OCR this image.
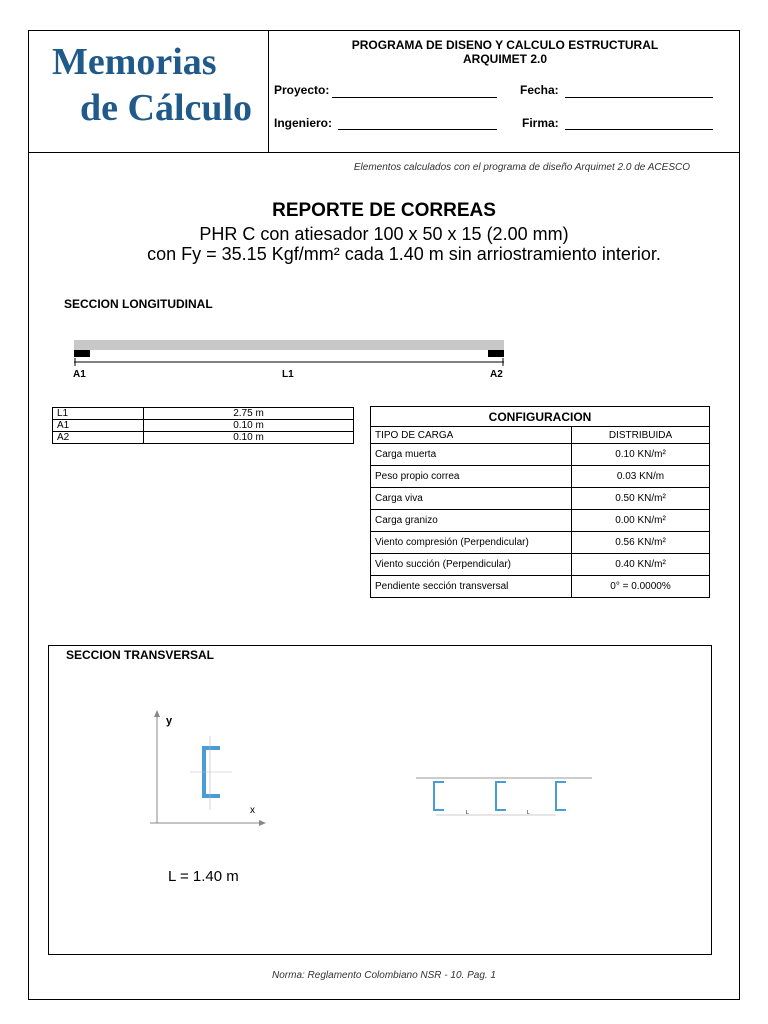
Memorias
de Cálculo
PROGRAMA DE DISENO Y CALCULO ESTRUCTURAL
ARQUIMET 2.0
Proyecto:	Fecha:
Ingeniero:	Firma:
Elementos calculados con el programa de diseño Arquimet 2.0 de ACESCO
REPORTE DE CORREAS
PHR C con atiesador 100 x 50 x 15 (2.00 mm)
con Fy = 35.15 Kgf/mm² cada 1.40 m sin arriostramiento interior.
SECCION LONGITUDINAL
A1	L1	A2
L1	2.75 m
A1	0.10 m
A2	0.10 m
CONFIGURACION	
TIPO DE CARGA	DISTRIBUIDA
Carga muerta	0.10 KN/m²
Peso propio correa	0.03 KN/m
Carga viva	0.50 KN/m²
Carga granizo	0.00 KN/m²
Viento compresión (Perpendicular)	0.56 KN/m²
Viento succión (Perpendicular)	0.40 KN/m²
Pendiente sección transversal	0° = 0.0000%
SECCION TRANSVERSAL
y
x	L	L
L = 1.40 m
Norma: Reglamento Colombiano NSR - 10. Pag. 1
